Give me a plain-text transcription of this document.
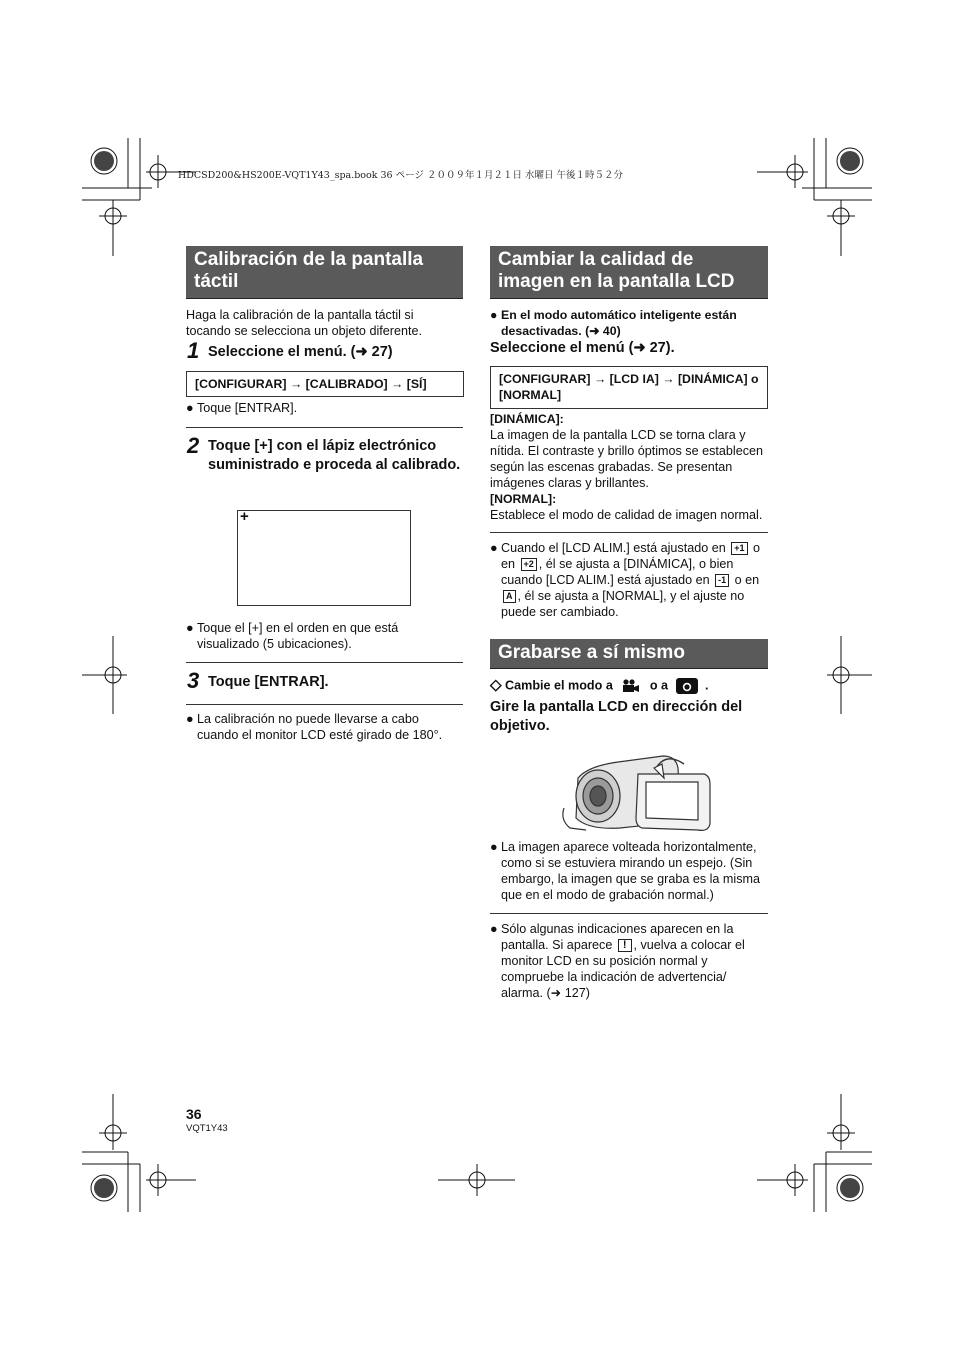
HDCSD200&HS200E-VQT1Y43_spa.book 36 ページ ２００９年１月２１日 水曜日 午後１時５２分
Calibración de la pantalla táctil
Haga la calibración de la pantalla táctil si tocando se selecciona un objeto diferente.
1 Seleccione el menú. (➜ 27)
[CONFIGURAR] → [CALIBRADO] → [SÍ]
● Toque [ENTRAR].
2 Toque [+] con el lápiz electrónico suministrado e proceda al calibrado.
+
● Toque el [+] en el orden en que está visualizado (5 ubicaciones).
3 Toque [ENTRAR].
● La calibración no puede llevarse a cabo cuando el monitor LCD esté girado de 180°.
Cambiar la calidad de imagen en la pantalla LCD
● En el modo automático inteligente están desactivadas. (➜ 40)
Seleccione el menú (➜ 27).
[CONFIGURAR] → [LCD IA] → [DINÁMICA] o [NORMAL]
[DINÁMICA]:
La imagen de la pantalla LCD se torna clara y nítida. El contraste y brillo óptimos se establecen según las escenas grabadas. Se presentan imágenes claras y brillantes.
[NORMAL]:
Establece el modo de calidad de imagen normal.
● Cuando el [LCD ALIM.] está ajustado en +1 o en +2 , él se ajusta a [DINÁMICA], o bien cuando [LCD ALIM.] está ajustado en -1 o en A , él se ajusta a [NORMAL], y el ajuste no puede ser cambiado.
Grabarse a sí mismo
◇ Cambie el modo a	o a	.
Gire la pantalla LCD en dirección del objetivo.
● La imagen aparece volteada horizontalmente, como si se estuviera mirando un espejo. (Sin embargo, la imagen que se graba es la misma que en el modo de grabación normal.)
● Sólo algunas indicaciones aparecen en la pantalla. Si aparece ! , vuelva a colocar el monitor LCD en su posición normal y compruebe la indicación de advertencia/ alarma. (➜ 127)
36
VQT1Y43
